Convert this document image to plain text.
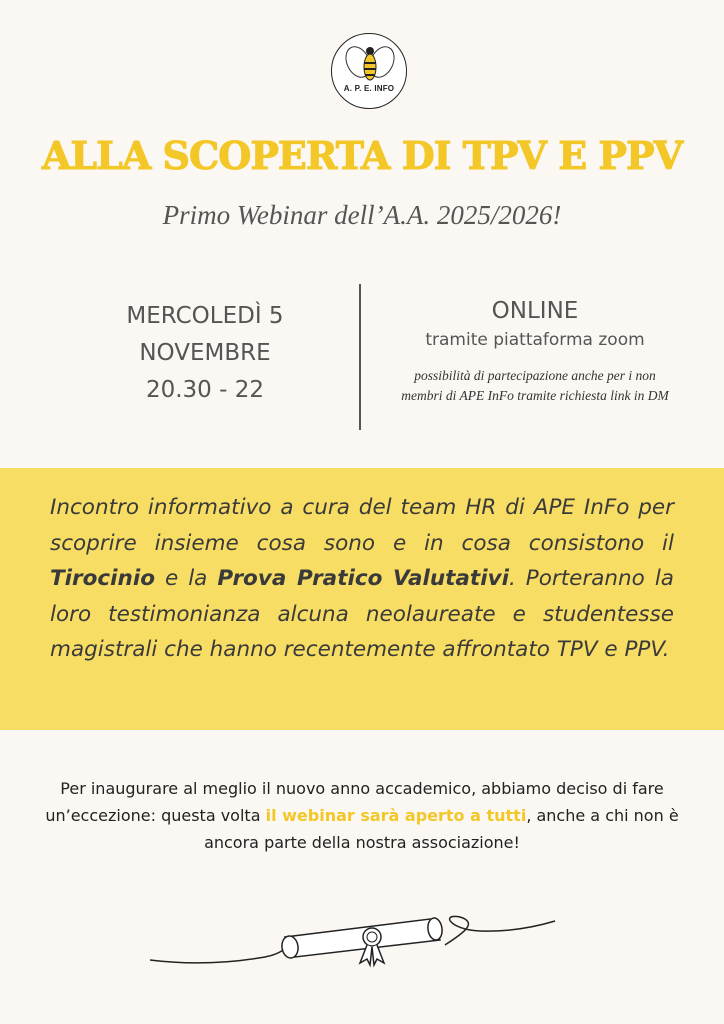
A. P. E. INFO
ALLA SCOPERTA DI TPV E PPV
Primo Webinar dell’A.A. 2025/2026!
MERCOLEDÌ 5
NOVEMBRE
20.30 - 22
ONLINE
tramite piattaforma zoom
possibilità di partecipazione anche per i non membri di APE InFo tramite richiesta link in DM
Incontro informativo a cura del team HR di APE InFo per scoprire insieme cosa sono e in cosa consistono il Tirocinio e la Prova Pratico Valutativi. Porteranno la loro testimonianza alcuna neolaureate e studentesse magistrali che hanno recentemente affrontato TPV e PPV.
Per inaugurare al meglio il nuovo anno accademico, abbiamo deciso di fare un’eccezione: questa volta il webinar sarà aperto a tutti, anche a chi non è ancora parte della nostra associazione!
